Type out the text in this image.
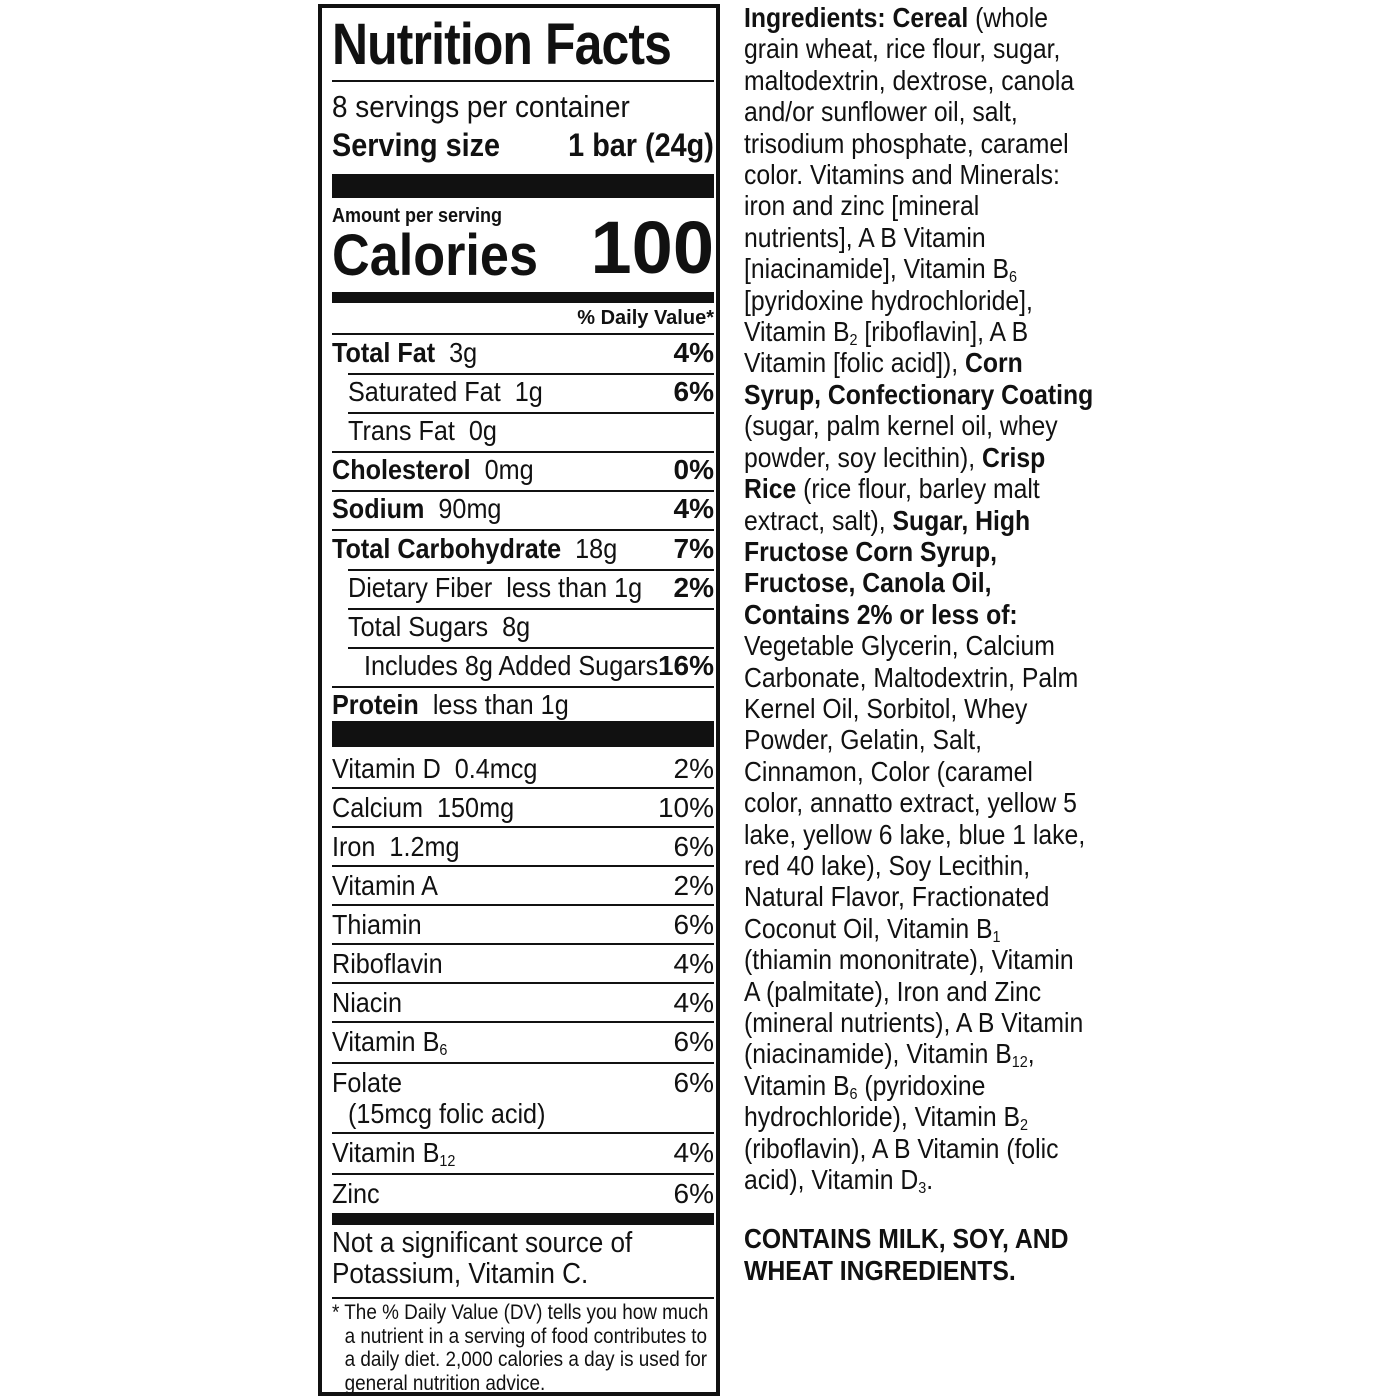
Nutrition Facts
8 servings per container
Serving size 1 bar (24g)
Amount per serving
Calories 100
% Daily Value*
Total Fat  3g	4%
Saturated Fat  1g	6%
Trans Fat  0g
Cholesterol  0mg	0%
Sodium  90mg	4%
Total Carbohydrate  18g 7%
Dietary Fiber  less than 1g 2%
Total Sugars  8g
Includes 8g Added Sugars 16%
Protein  less than 1g
Vitamin D  0.4mcg	2%
Calcium  150mg	10%
Iron  1.2mg	6%
Vitamin A	2%
Thiamin	6%
Riboflavin	4%
Niacin	4%
Vitamin $B_6$	6%
Folate	6%
(15mcg folic acid)
Vitamin $B_{12}$	4%
Zinc	6%
Not a significant source of Potassium, Vitamin C.
* The % Daily Value (DV) tells you how much a nutrient in a serving of food contributes to a daily diet. 2,000 calories a day is used for general nutrition advice.

Ingredients: Cereal (whole grain wheat, rice flour, sugar, maltodextrin, dextrose, canola and/or sunflower oil, salt, trisodium phosphate, caramel color. Vitamins and Minerals: iron and zinc [mineral nutrients], A B Vitamin [niacinamide], Vitamin $B_6$ [pyridoxine hydrochloride], Vitamin $B_2$ [riboflavin], A B Vitamin [folic acid]), Corn Syrup, Confectionary Coating (sugar, palm kernel oil, whey powder, soy lecithin), Crisp Rice (rice flour, barley malt extract, salt), Sugar, High Fructose Corn Syrup, Fructose, Canola Oil, Contains 2% or less of: Vegetable Glycerin, Calcium Carbonate, Maltodextrin, Palm Kernel Oil, Sorbitol, Whey Powder, Gelatin, Salt, Cinnamon, Color (caramel color, annatto extract, yellow 5 lake, yellow 6 lake, blue 1 lake, red 40 lake), Soy Lecithin, Natural Flavor, Fractionated Coconut Oil, Vitamin $B_1$ (thiamin mononitrate), Vitamin A (palmitate), Iron and Zinc (mineral nutrients), A B Vitamin (niacinamide), Vitamin $B_{12}$, Vitamin $B_6$ (pyridoxine hydrochloride), Vitamin $B_2$ (riboflavin), A B Vitamin (folic acid), Vitamin $D_3$.

CONTAINS MILK, SOY, AND WHEAT INGREDIENTS.
